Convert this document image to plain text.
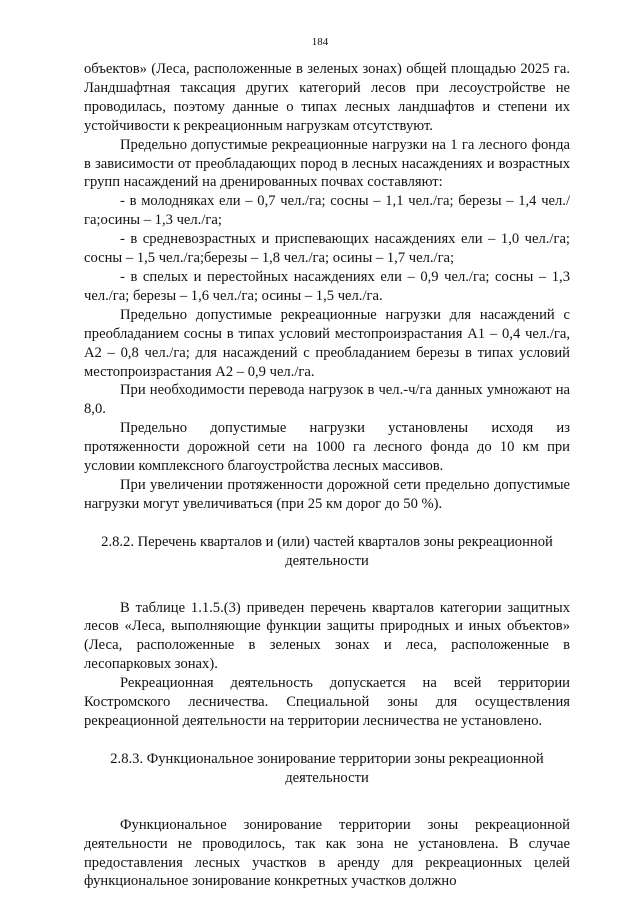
184

объектов» (Леса, расположенные в зеленых зонах) общей площадью 2025 га. Ландшафтная таксация других категорий лесов при лесоустройстве не проводилась, поэтому данные о типах лесных ландшафтов и степени их устойчивости к рекреационным нагрузкам отсутствуют.

Предельно допустимые рекреационные нагрузки на 1 га лесного фонда в зависимости от преобладающих пород в лесных насаждениях и возрастных групп насаждений на дренированных почвах составляют:

- в молодняках ели – 0,7 чел./га; сосны – 1,1 чел./га; березы – 1,4 чел./га;осины – 1,3 чел./га;

- в средневозрастных и приспевающих насаждениях ели – 1,0 чел./га; сосны – 1,5 чел./га;березы – 1,8 чел./га; осины – 1,7 чел./га;

- в спелых и перестойных насаждениях ели – 0,9 чел./га; сосны – 1,3 чел./га; березы – 1,6 чел./га; осины – 1,5 чел./га.

Предельно допустимые рекреационные нагрузки для насаждений с преобладанием сосны в типах условий местопроизрастания А1 – 0,4 чел./га, А2 – 0,8 чел./га; для насаждений с преобладанием березы в типах условий местопроизрастания А2 – 0,9 чел./га.

При необходимости перевода нагрузок в чел.-ч/га данных умножают на 8,0.

Предельно допустимые нагрузки установлены исходя из протяженности дорожной сети на 1000 га лесного фонда до 10 км при условии комплексного благоустройства лесных массивов.

При увеличении протяженности дорожной сети предельно допустимые нагрузки могут увеличиваться (при 25 км дорог до 50 %).

2.8.2. Перечень кварталов и (или) частей кварталов зоны рекреационной
деятельности

В таблице 1.1.5.(3) приведен перечень кварталов категории защитных лесов «Леса, выполняющие функции защиты природных и иных объектов» (Леса, расположенные в зеленых зонах и леса, расположенные в лесопарковых зонах).

Рекреационная деятельность допускается на всей территории Костромского лесничества. Специальной зоны для осуществления рекреационной деятельности на территории лесничества не установлено.

2.8.3. Функциональное зонирование территории зоны рекреационной
деятельности

Функциональное зонирование территории зоны рекреационной деятельности не проводилось, так как зона не установлена. В случае предоставления лесных участков в аренду для рекреационных целей функциональное зонирование конкретных участков должно
